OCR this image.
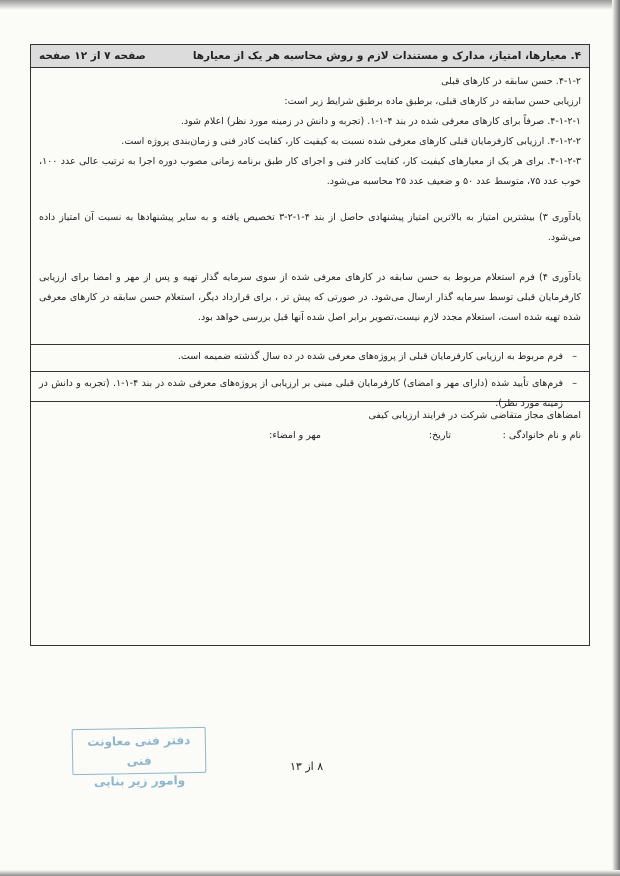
۴. معیارها، امتیاز، مدارک و مستندات لازم و روش محاسبه هر یک از معیارها
صفحه ۷ از ۱۲ صفحه

۴-۱-۲. حسن سابقه در کارهای قبلی

ارزیابی حسن سابقه در کارهای قبلی، برطبق ماده برطبق شرایط زیر است:

۴-۱-۲-۱. صرفاً برای کارهای معرفی شده در بند ۴-۱-۱. (تجربه و دانش در زمینه مورد نظر) اعلام شود.

۴-۱-۲-۲. ارزیابی کارفرمایان قبلی کارهای معرفی شده نسبت به کیفیت کار، کفایت کادر فنی و زمان‌بندی پروژه است.

۴-۱-۲-۳. برای هر یک از معیارهای کیفیت کار، کفایت کادر فنی و اجرای کار طبق برنامه زمانی مصوب دوره اجرا به ترتیب عالی عدد ۱۰۰، خوب عدد ۷۵، متوسط عدد ۵۰ و ضعیف عدد ۲۵ محاسبه می‌شود.

یادآوری ۳) بیشترین امتیاز به بالاترین امتیاز پیشنهادی حاصل از بند ۴-۱-۲-۳ تخصیص یافته و به سایر پیشنهادها به نسبت آن امتیاز داده می‌شود.

یادآوری ۴) فرم استعلام مربوط به حسن سابقه در کارهای معرفی شده از سوی سرمایه گذار تهیه و پس از مهر و امضا برای ارزیابی کارفرمایان قبلی توسط سرمایه گذار ارسال می‌شود. در صورتی که پیش تر ، برای قرارداد دیگر، استعلام حسن سابقه در کارهای معرفی شده تهیه شده است، استعلام مجدد لازم نیست،تصویر برابر اصل شده آنها قبل بررسی خواهد بود.

– فرم مربوط به ارزیابی کارفرمایان قبلی از پروژه‌های معرفی شده در ده سال گذشته ضمیمه است.
– فرم‌های تأیید شده (دارای مهر و امضای) کارفرمایان قبلی مبنی بر ارزیابی از پروژه‌های معرفی شده در بند ۴-۱-۱. (تجربه و دانش در زمینه مورد نظر).
امضاهای مجاز متقاضی شرکت در فرایند ارزیابی کیفی
نام و نام خانوادگی :
تاریخ:
مهر و امضاء:
دفتر فنی معاونت فنی
وامور زیر بنایی
۸ از ۱۳
